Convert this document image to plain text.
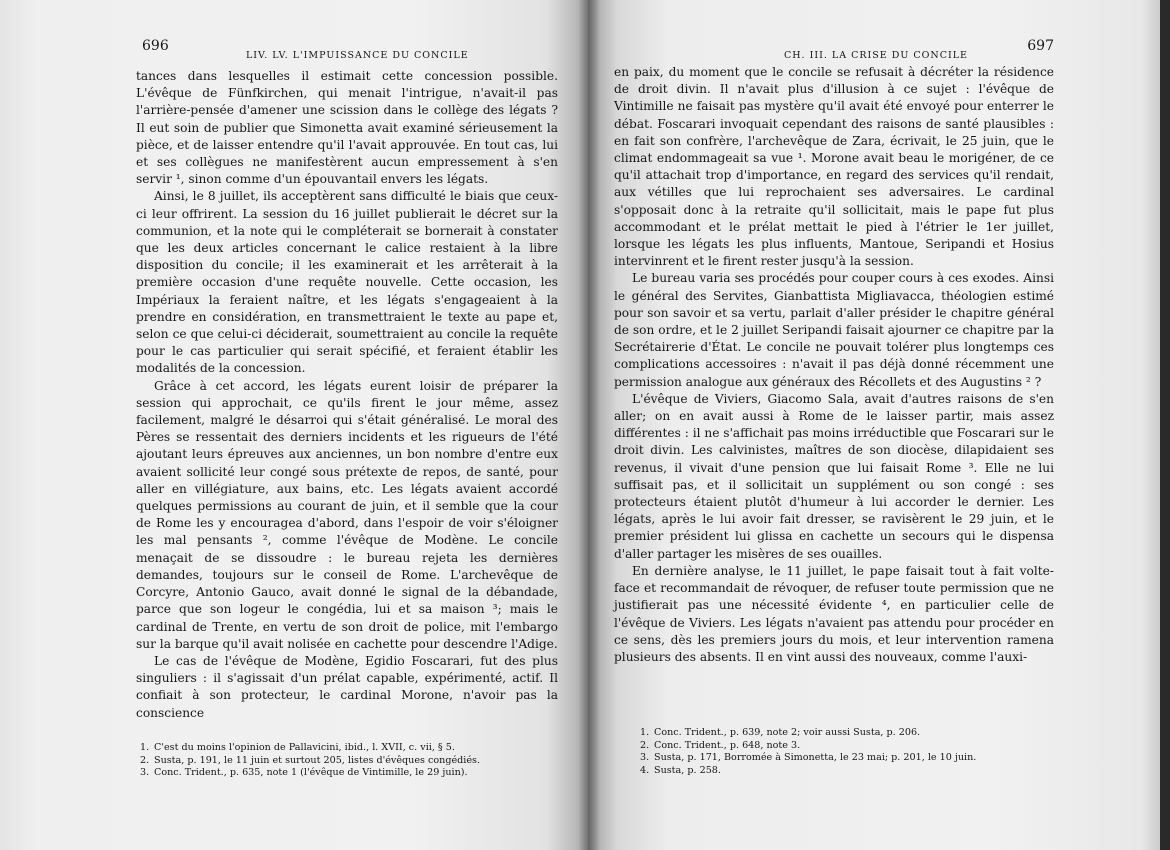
696
LIV. LV. L'IMPUISSANCE DU CONCILE

tances dans lesquelles il estimait cette concession possible. L'évêque de Fünfkirchen, qui menait l'intrigue, n'avait-il pas l'arrière-pensée d'amener une scission dans le collège des légats ? Il eut soin de publier que Simonetta avait examiné sérieusement la pièce, et de laisser entendre qu'il l'avait approuvée. En tout cas, lui et ses collègues ne manifestèrent aucun empressement à s'en servir ¹, sinon comme d'un épouvantail envers les légats.

Ainsi, le 8 juillet, ils acceptèrent sans difficulté le biais que ceux-ci leur offrirent. La session du 16 juillet publierait le décret sur la communion, et la note qui le compléterait se bornerait à constater que les deux articles concernant le calice restaient à la libre disposition du concile; il les examinerait et les arrêterait à la première occasion d'une requête nouvelle. Cette occasion, les Impériaux la feraient naître, et les légats s'engageaient à la prendre en considération, en transmettraient le texte au pape et, selon ce que celui-ci déciderait, soumettraient au concile la requête pour le cas particulier qui serait spécifié, et feraient établir les modalités de la concession.

Grâce à cet accord, les légats eurent loisir de préparer la session qui approchait, ce qu'ils firent le jour même, assez facilement, malgré le désarroi qui s'était généralisé. Le moral des Pères se ressentait des derniers incidents et les rigueurs de l'été ajoutant leurs épreuves aux anciennes, un bon nombre d'entre eux avaient sollicité leur congé sous prétexte de repos, de santé, pour aller en villégiature, aux bains, etc. Les légats avaient accordé quelques permissions au courant de juin, et il semble que la cour de Rome les y encouragea d'abord, dans l'espoir de voir s'éloigner les mal pensants ², comme l'évêque de Modène. Le concile menaçait de se dissoudre : le bureau rejeta les dernières demandes, toujours sur le conseil de Rome. L'archevêque de Corcyre, Antonio Gauco, avait donné le signal de la débandade, parce que son logeur le congédia, lui et sa maison ³; mais le cardinal de Trente, en vertu de son droit de police, mit l'embargo sur la barque qu'il avait nolisée en cachette pour descendre l'Adige.

Le cas de l'évêque de Modène, Egidio Foscarari, fut des plus singuliers : il s'agissait d'un prélat capable, expérimenté, actif. Il confiait à son protecteur, le cardinal Morone, n'avoir pas la conscience

CH. III. LA CRISE DU CONCILE
697

en paix, du moment que le concile se refusait à décréter la résidence de droit divin. Il n'avait plus d'illusion à ce sujet : l'évêque de Vintimille ne faisait pas mystère qu'il avait été envoyé pour enterrer le débat. Foscarari invoquait cependant des raisons de santé plausibles : en fait son confrère, l'archevêque de Zara, écrivait, le 25 juin, que le climat endommageait sa vue ¹. Morone avait beau le morigéner, de ce qu'il attachait trop d'importance, en regard des services qu'il rendait, aux vétilles que lui reprochaient ses adversaires. Le cardinal s'opposait donc à la retraite qu'il sollicitait, mais le pape fut plus accommodant et le prélat mettait le pied à l'étrier le 1er juillet, lorsque les légats les plus influents, Mantoue, Seripandi et Hosius intervinrent et le firent rester jusqu'à la session.

Le bureau varia ses procédés pour couper cours à ces exodes. Ainsi le général des Servites, Gianbattista Migliavacca, théologien estimé pour son savoir et sa vertu, parlait d'aller présider le chapitre général de son ordre, et le 2 juillet Seripandi faisait ajourner ce chapitre par la Secrétairerie d'État. Le concile ne pouvait tolérer plus longtemps ces complications accessoires : n'avait il pas déjà donné récemment une permission analogue aux généraux des Récollets et des Augustins ² ?

L'évêque de Viviers, Giacomo Sala, avait d'autres raisons de s'en aller; on en avait aussi à Rome de le laisser partir, mais assez différentes : il ne s'affichait pas moins irréductible que Foscarari sur le droit divin. Les calvinistes, maîtres de son diocèse, dilapidaient ses revenus, il vivait d'une pension que lui faisait Rome ³. Elle ne lui suffisait pas, et il sollicitait un supplément ou son congé : ses protecteurs étaient plutôt d'humeur à lui accorder le dernier. Les légats, après le lui avoir fait dresser, se ravisèrent le 29 juin, et le premier président lui glissa en cachette un secours qui le dispensa d'aller partager les misères de ses ouailles.

En dernière analyse, le 11 juillet, le pape faisait tout à fait volte-face et recommandait de révoquer, de refuser toute permission que ne justifierait pas une nécessité évidente ⁴, en particulier celle de l'évêque de Viviers. Les légats n'avaient pas attendu pour procéder en ce sens, dès les premiers jours du mois, et leur intervention ramena plusieurs des absents. Il en vint aussi des nouveaux, comme l'auxi-

1. C'est du moins l'opinion de Pallavicini, ibid., l. XVII, c. vii, § 5.

2. Susta, p. 191, le 11 juin et surtout 205, listes d'évêques congédiés.

3. Conc. Trident., p. 635, note 1 (l'évêque de Vintimille, le 29 juin).

1. Conc. Trident., p. 639, note 2; voir aussi Susta, p. 206.

2. Conc. Trident., p. 648, note 3.

3. Susta, p. 171, Borromée à Simonetta, le 23 mai; p. 201, le 10 juin.

4. Susta, p. 258.
